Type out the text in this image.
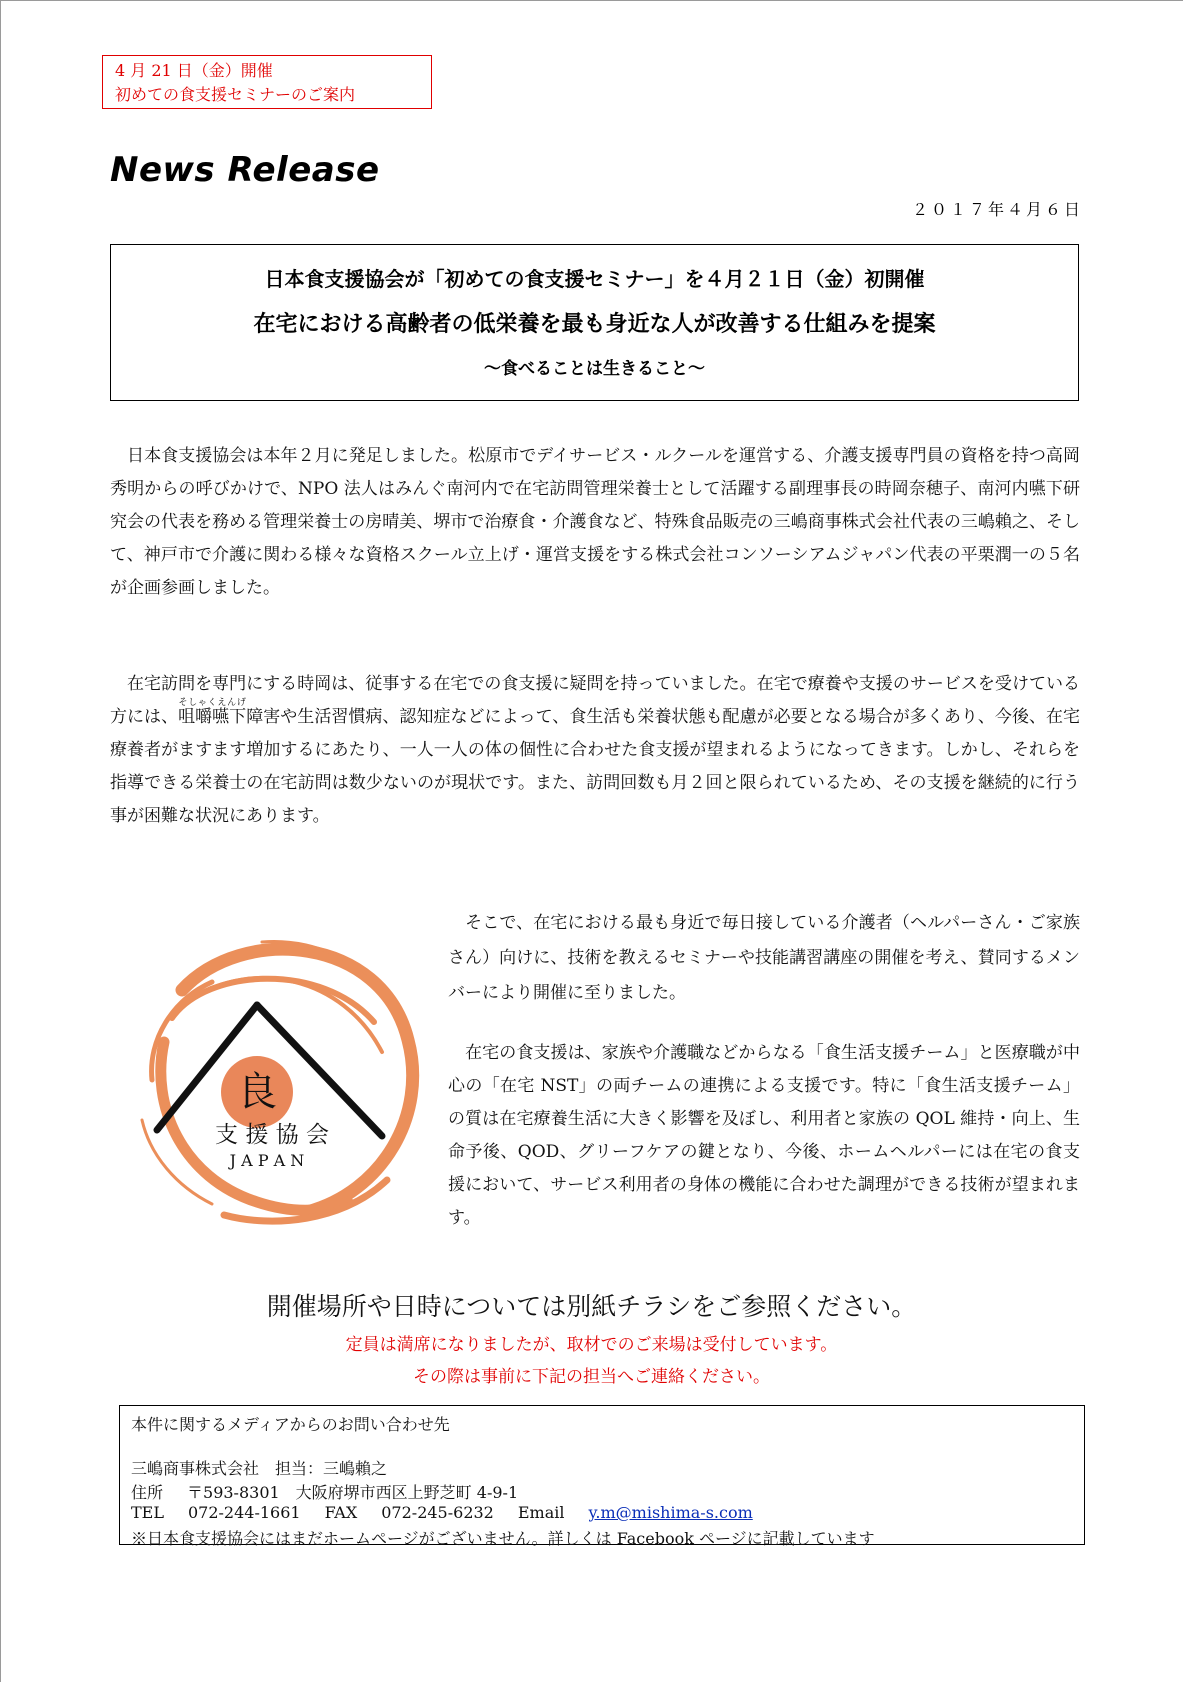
4 月 21 日（金）開催
初めての食支援セミナーのご案内
News Release
２０１７年４月６日
日本食支援協会が「初めての食支援セミナー」を４月２１日（金）初開催
在宅における高齢者の低栄養を最も身近な人が改善する仕組みを提案
～食べることは生きること～
日本食支援協会は本年２月に発足しました。松原市でデイサービス・ルクールを運営する、介護支援専門員の資格を持つ高岡秀明からの呼びかけで、NPO 法人はみんぐ南河内で在宅訪問管理栄養士として活躍する副理事長の時岡奈穂子、南河内嚥下研究会の代表を務める管理栄養士の房晴美、堺市で治療食・介護食など、特殊食品販売の三嶋商事株式会社代表の三嶋賴之、そして、神戸市で介護に関わる様々な資格スクール立上げ・運営支援をする株式会社コンソーシアムジャパン代表の平栗潤一の５名が企画参画しました。
在宅訪問を専門にする時岡は、従事する在宅での食支援に疑問を持っていました。在宅で療養や支援のサービスを受けている方には、咀嚼嚥下そしゃくえんげ障害や生活習慣病、認知症などによって、食生活も栄養状態も配慮が必要となる場合が多くあり、今後、在宅療養者がますます増加するにあたり、一人一人の体の個性に合わせた食支援が望まれるようになってきます。しかし、それらを指導できる栄養士の在宅訪問は数少ないのが現状です。また、訪問回数も月２回と限られているため、その支援を継続的に行う事が困難な状況にあります。
良
支 援 協 会
J A P A N
そこで、在宅における最も身近で毎日接している介護者（ヘルパーさん・ご家族さん）向けに、技術を教えるセミナーや技能講習講座の開催を考え、賛同するメンバーにより開催に至りました。
在宅の食支援は、家族や介護職などからなる「食生活支援チーム」と医療職が中心の「在宅 NST」の両チームの連携による支援です。特に「食生活支援チーム」の質は在宅療養生活に大きく影響を及ぼし、利用者と家族の QOL 維持・向上、生命予後、QOD、グリーフケアの鍵となり、今後、ホームヘルパーには在宅の食支援において、サービス利用者の身体の機能に合わせた調理ができる技術が望まれます。
開催場所や日時については別紙チラシをご参照ください。
定員は満席になりましたが、取材でのご来場は受付しています。
その際は事前に下記の担当へご連絡ください。
本件に関するメディアからのお問い合わせ先
三嶋商事株式会社　担当：三嶋賴之
住所 〒593-8301　大阪府堺市西区上野芝町 4-9-1
TEL 072-244-1661 FAX 072-245-6232 Email y.m@mishima-s.com
※日本食支援協会にはまだホームページがございません。詳しくは Facebook ページに記載しています
